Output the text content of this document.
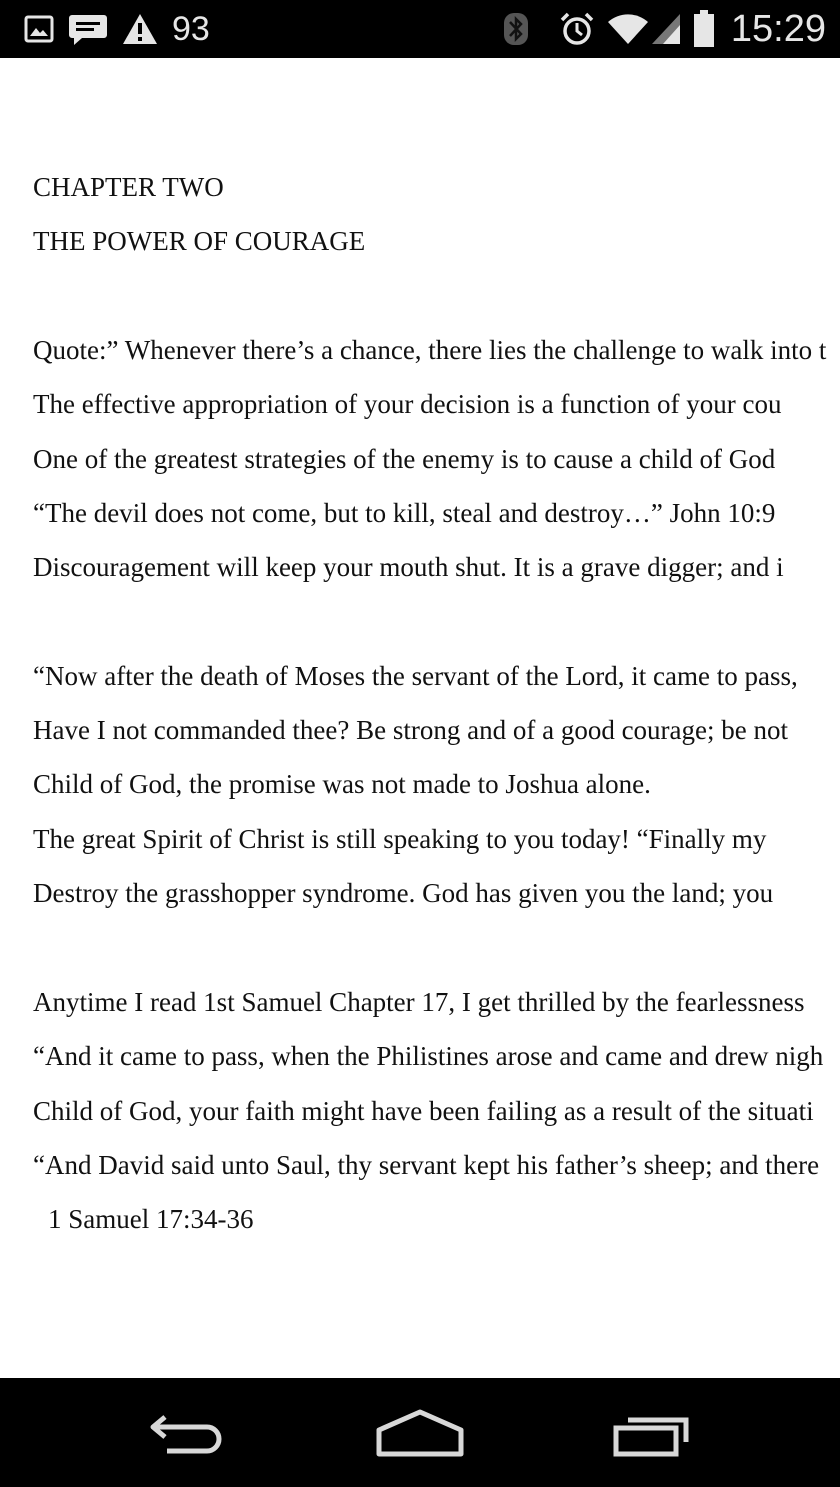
93	15:29
CHAPTER TWO
THE POWER OF COURAGE
Quote:” Whenever there’s a chance, there lies the challenge to walk into t
The effective appropriation of your decision is a function of your cou
One of the greatest strategies of the enemy is to cause a child of God
“The devil does not come, but to kill, steal and destroy…” John 10:9
Discouragement will keep your mouth shut. It is a grave digger; and i
“Now after the death of Moses the servant of the Lord, it came to pass,
Have I not commanded thee? Be strong and of a good courage; be not
Child of God, the promise was not made to Joshua alone.
The great Spirit of Christ is still speaking to you today! “Finally my
Destroy the grasshopper syndrome. God has given you the land; you
Anytime I read 1st Samuel Chapter 17, I get thrilled by the fearlessness
“And it came to pass, when the Philistines arose and came and drew nigh
Child of God, your faith might have been failing as a result of the situati
“And David said unto Saul, thy servant kept his father’s sheep; and there
1 Samuel 17:34-36
